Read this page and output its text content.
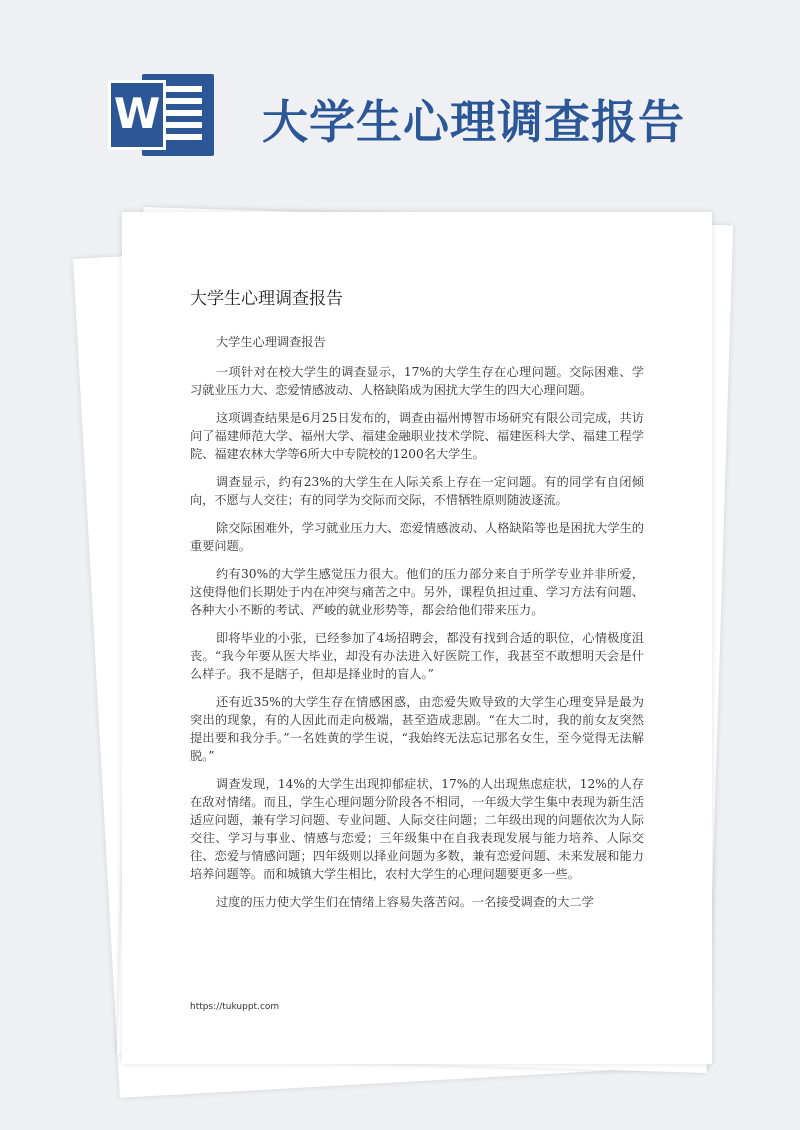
W 大学生心理调查报告
大学生心理调查报告

大学生心理调查报告

一项针对在校大学生的调查显示，17%的大学生存在心理问题。交际困难、学习就业压力大、恋爱情感波动、人格缺陷成为困扰大学生的四大心理问题。

这项调查结果是6月25日发布的，调查由福州博智市场研究有限公司完成，共访问了福建师范大学、福州大学、福建金融职业技术学院、福建医科大学、福建工程学院、福建农林大学等6所大中专院校的1200名大学生。

调查显示，约有23%的大学生在人际关系上存在一定问题。有的同学有自闭倾向，不愿与人交往；有的同学为交际而交际，不惜牺牲原则随波逐流。

除交际困难外，学习就业压力大、恋爱情感波动、人格缺陷等也是困扰大学生的重要问题。

约有30%的大学生感觉压力很大。他们的压力部分来自于所学专业并非所爱，这使得他们长期处于内在冲突与痛苦之中。另外，课程负担过重、学习方法有问题、各种大小不断的考试、严峻的就业形势等，都会给他们带来压力。

即将毕业的小张，已经参加了4场招聘会，都没有找到合适的职位，心情极度沮丧。“我今年要从医大毕业，却没有办法进入好医院工作，我甚至不敢想明天会是什么样子。我不是瞎子，但却是择业时的盲人。”

还有近35%的大学生存在情感困惑，由恋爱失败导致的大学生心理变异是最为突出的现象，有的人因此而走向极端，甚至造成悲剧。“在大二时，我的前女友突然提出要和我分手。”一名姓黄的学生说，“我始终无法忘记那名女生，至今觉得无法解脱。”

调查发现，14%的大学生出现抑郁症状，17%的人出现焦虑症状，12%的人存在敌对情绪。而且，学生心理问题分阶段各不相同，一年级大学生集中表现为新生活适应问题，兼有学习问题、专业问题、人际交往问题；二年级出现的问题依次为人际交往、学习与事业、情感与恋爱；三年级集中在自我表现发展与能力培养、人际交往、恋爱与情感问题；四年级则以择业问题为多数，兼有恋爱问题、未来发展和能力培养问题等。而和城镇大学生相比，农村大学生的心理问题要更多一些。

过度的压力使大学生们在情绪上容易失落苦闷。一名接受调查的大二学

https://tukuppt.com
